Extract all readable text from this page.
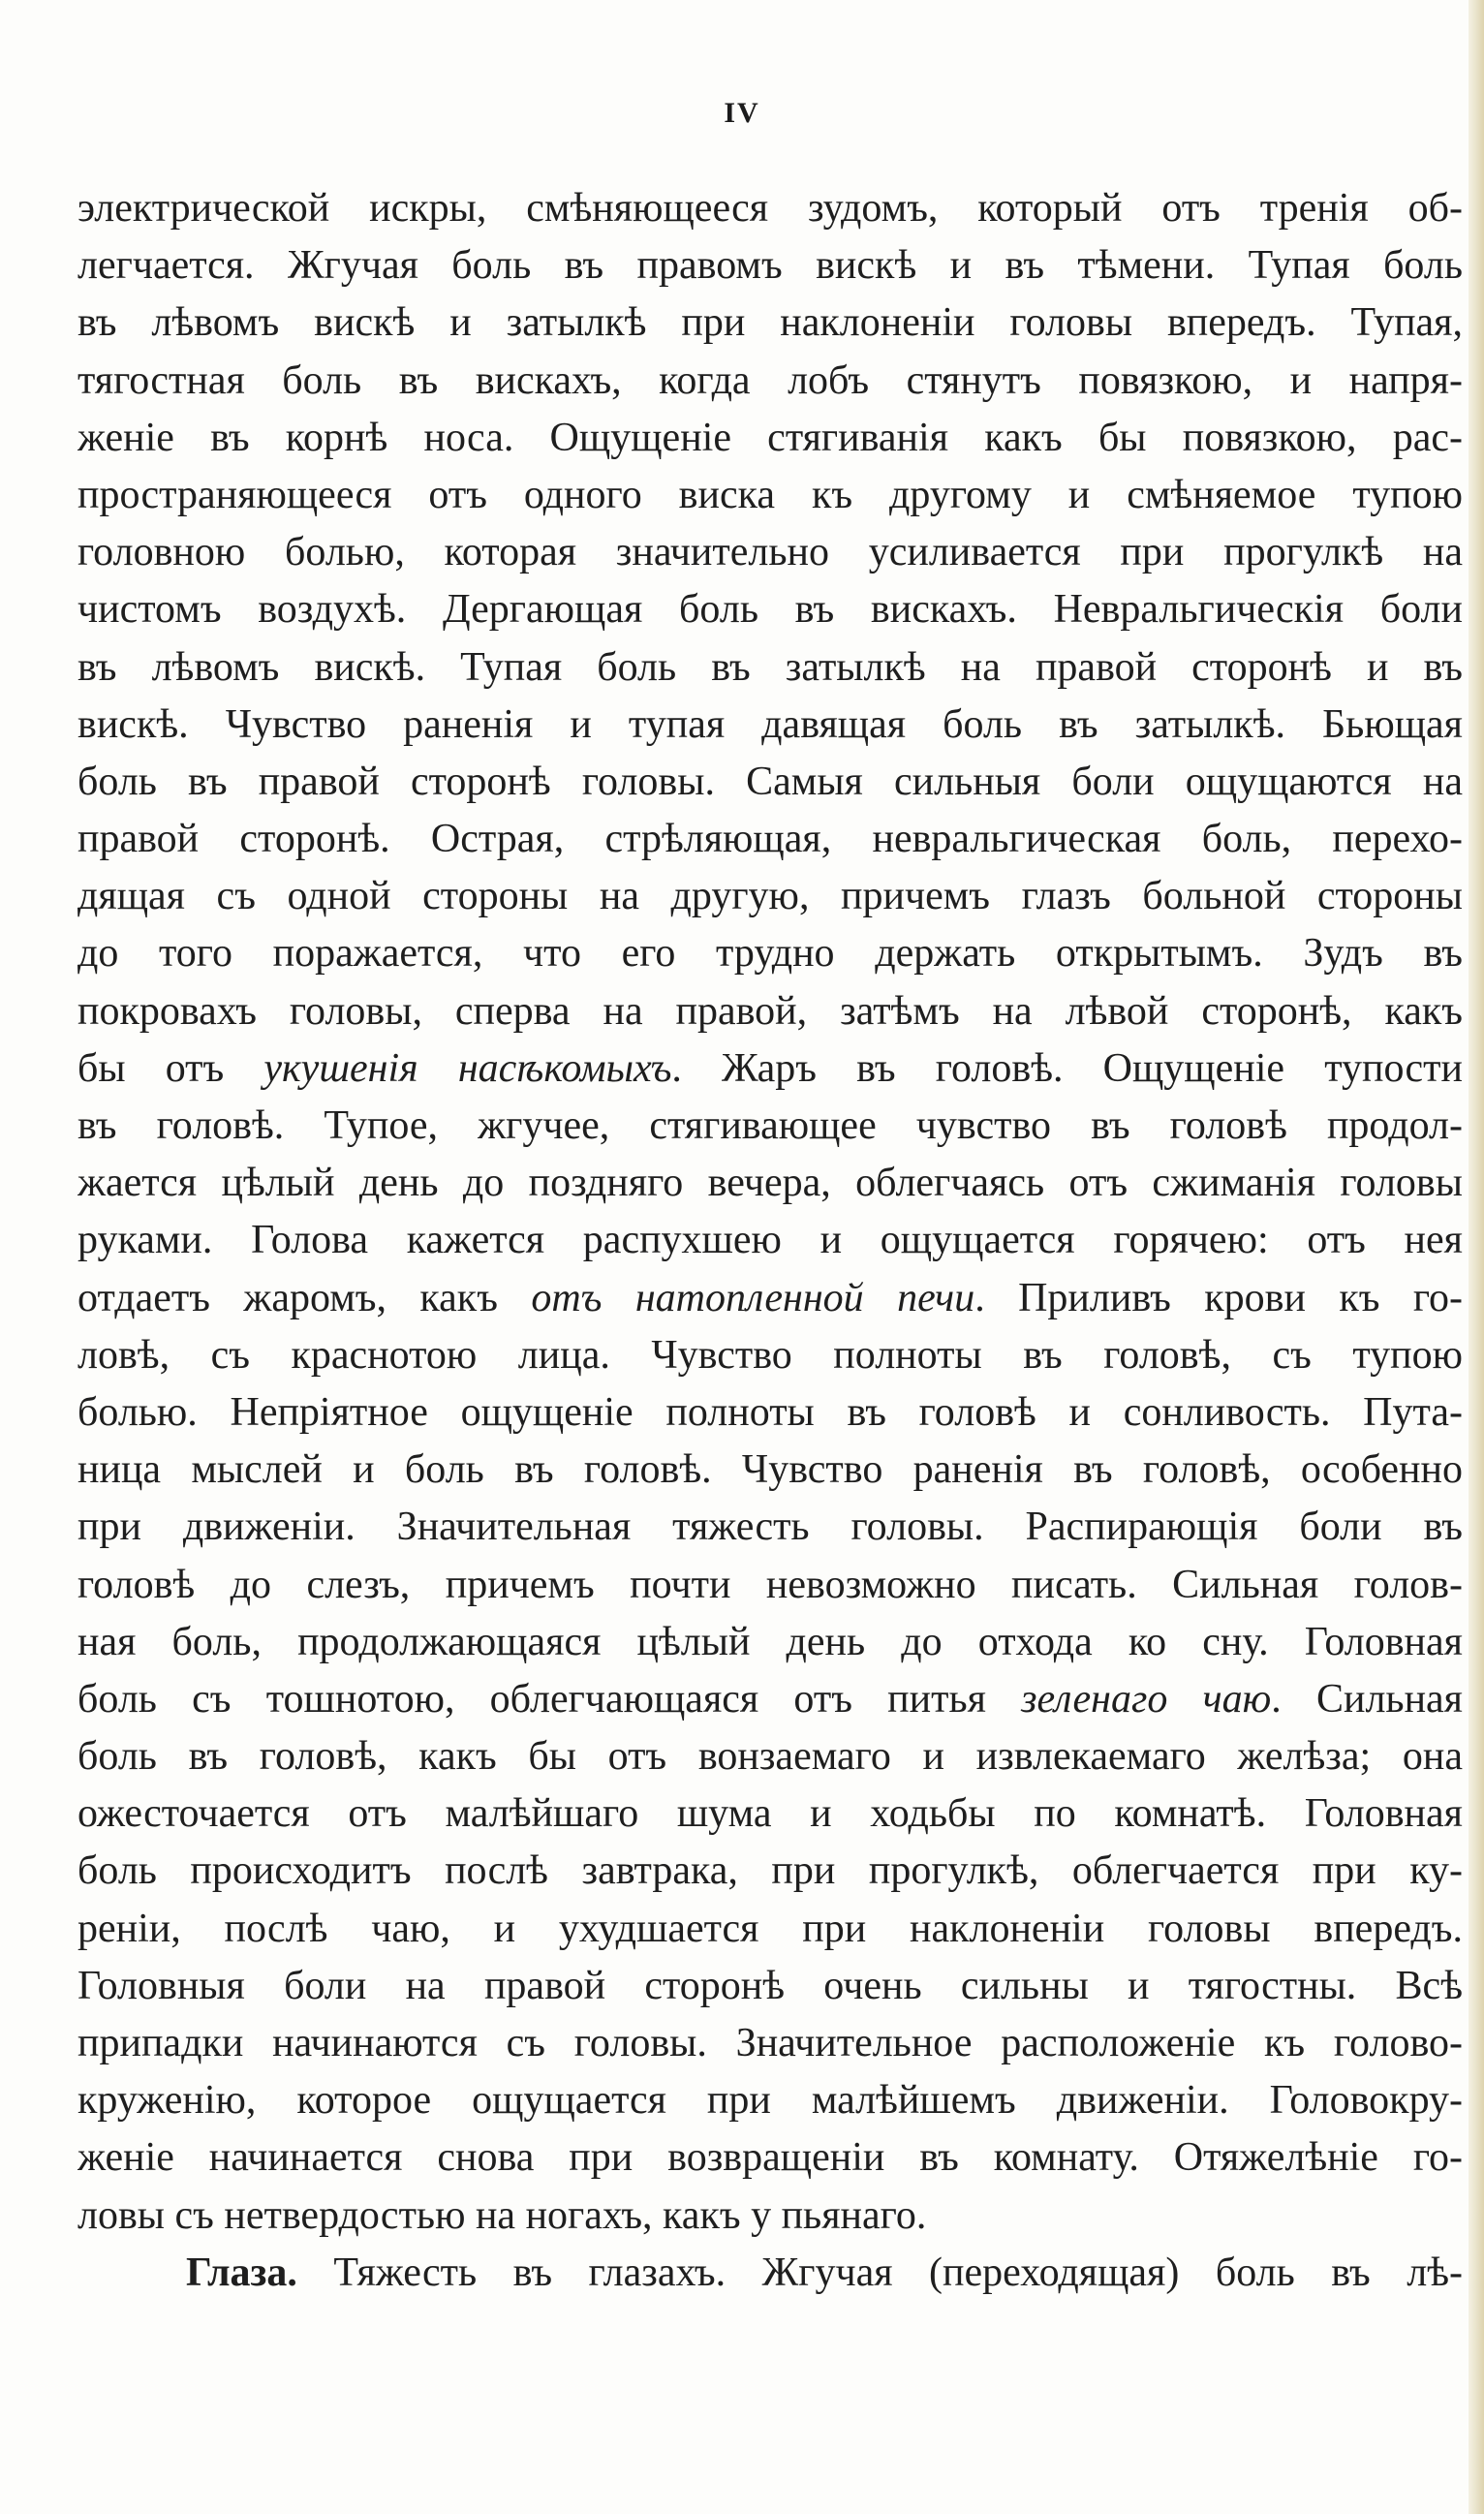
IV
электрической искры, смѣняющееся зудомъ, который отъ тренія об-
легчается. Жгучая боль въ правомъ вискѣ и въ тѣмени. Тупая боль
въ лѣвомъ вискѣ и затылкѣ при наклоненіи головы впередъ. Тупая,
тягостная боль въ вискахъ, когда лобъ стянутъ повязкою, и напря-
женіе въ корнѣ носа. Ощущеніе стягиванія какъ бы повязкою, рас-
пространяющееся отъ одного виска къ другому и смѣняемое тупою
головною болью, которая значительно усиливается при прогулкѣ на
чистомъ воздухѣ. Дергающая боль въ вискахъ. Невральгическія боли
въ лѣвомъ вискѣ. Тупая боль въ затылкѣ на правой сторонѣ и въ
вискѣ. Чувство раненія и тупая давящая боль въ затылкѣ. Бьющая
боль въ правой сторонѣ головы. Самыя сильныя боли ощущаются на
правой сторонѣ. Острая, стрѣляющая, невральгическая боль, перехо-
дящая съ одной стороны на другую, причемъ глазъ больной стороны
до того поражается, что его трудно держать открытымъ. Зудъ въ
покровахъ головы, сперва на правой, затѣмъ на лѣвой сторонѣ, какъ
бы отъ укушенія насѣкомыхъ. Жаръ въ головѣ. Ощущеніе тупости
въ головѣ. Тупое, жгучее, стягивающее чувство въ головѣ продол-
жается цѣлый день до поздняго вечера, облегчаясь отъ сжиманія головы
руками. Голова кажется распухшею и ощущается горячею: отъ нея
отдаетъ жаромъ, какъ отъ натопленной печи. Приливъ крови къ го-
ловѣ, съ краснотою лица. Чувство полноты въ головѣ, съ тупою
болью. Непріятное ощущеніе полноты въ головѣ и сонливость. Пута-
ница мыслей и боль въ головѣ. Чувство раненія въ головѣ, особенно
при движеніи. Значительная тяжесть головы. Распирающія боли въ
головѣ до слезъ, причемъ почти невозможно писать. Сильная голов-
ная боль, продолжающаяся цѣлый день до отхода ко сну. Головная
боль съ тошнотою, облегчающаяся отъ питья зеленаго чаю. Сильная
боль въ головѣ, какъ бы отъ вонзаемаго и извлекаемаго желѣза; она
ожесточается отъ малѣйшаго шума и ходьбы по комнатѣ. Головная
боль происходитъ послѣ завтрака, при прогулкѣ, облегчается при ку-
реніи, послѣ чаю, и ухудшается при наклоненіи головы впередъ.
Головныя боли на правой сторонѣ очень сильны и тягостны. Всѣ
припадки начинаются съ головы. Значительное расположеніе къ голово-
круженію, которое ощущается при малѣйшемъ движеніи. Головокру-
женіе начинается снова при возвращеніи въ комнату. Отяжелѣніе го-
ловы съ нетвердостью на ногахъ, какъ у пьянаго.
Глаза. Тяжесть въ глазахъ. Жгучая (переходящая) боль въ лѣ-
